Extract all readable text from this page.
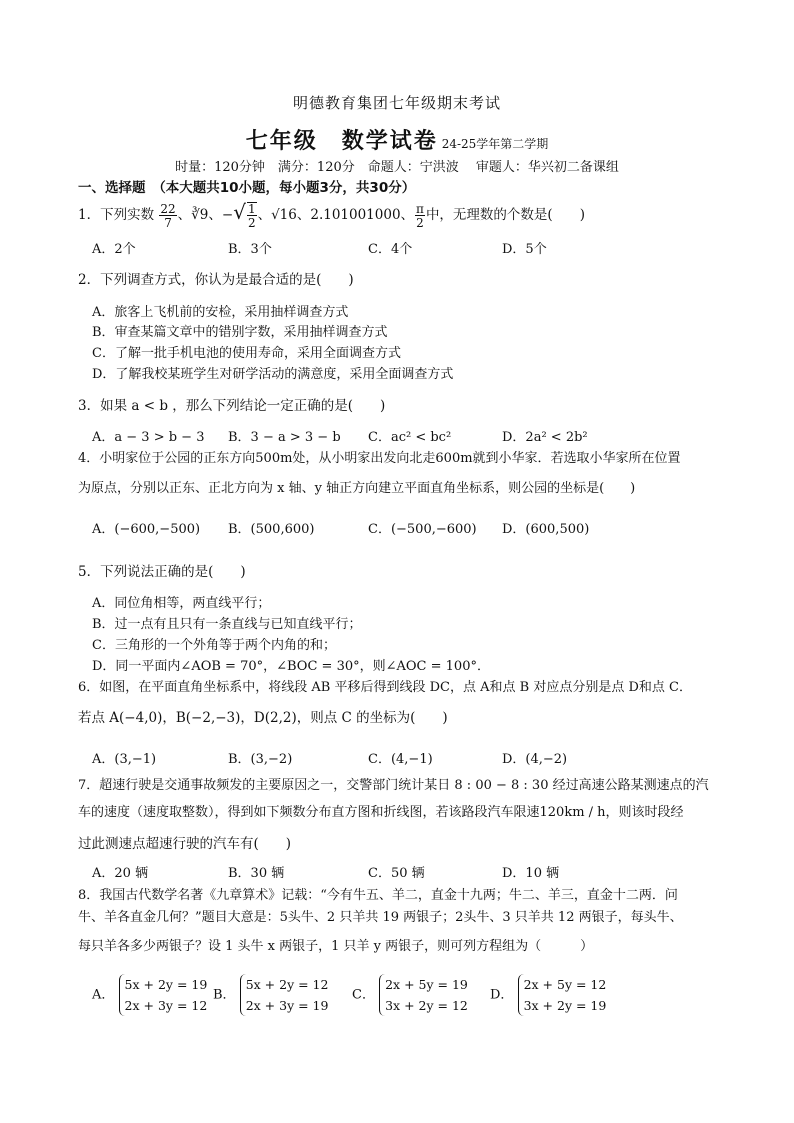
明德教育集团七年级期末考试
七年级　数学试卷 24-25学年第二学期
时量：120分钟　满分：120分　命题人：宁洪波　 审题人：华兴初二备课组
一、选择题　（本大题共10小题，每小题3分，共30分）
1．下列实数 $\frac{22}{7}$ 、∛9、−√ $\frac{1}{2}$ 、√16、2.101001000、 $\frac{\pi}{2}$ 中，无理数的个数是(　　)
A．2个	B．3个	C．4个	D．5个
2．下列调查方式，你认为是最合适的是(　　)
A．旅客上飞机前的安检，采用抽样调查方式
B．审查某篇文章中的错别字数，采用抽样调查方式
C．了解一批手机电池的使用寿命，采用全面调查方式
D．了解我校某班学生对研学活动的满意度，采用全面调查方式
3．如果 a < b ，那么下列结论一定正确的是(　　)
A．a − 3 > b − 3 B．3 − a > 3 − b C．ac² < bc²	D．2a² < 2b²
4．小明家位于公园的正东方向500m处，从小明家出发向北走600m就到小华家．若选取小华家所在位置
为原点，分别以正东、正北方向为 x 轴、y 轴正方向建立平面直角坐标系，则公园的坐标是(　　)
A．(−600,−500) B．(500,600)	C．(−500,−600) D．(600,500)
5．下列说法正确的是(　　)
A．同位角相等，两直线平行；
B．过一点有且只有一条直线与已知直线平行；
C．三角形的一个外角等于两个内角的和；
D．同一平面内∠AOB = 70°，∠BOC = 30°，则∠AOC = 100°．
6．如图，在平面直角坐标系中，将线段 AB 平移后得到线段 DC，点 A和点 B 对应点分别是点 D和点 C．
若点 A(−4,0)，B(−2,−3)，D(2,2)，则点 C 的坐标为(　　)
A．(3,−1)	B．(3,−2)	C．(4,−1)	D．(4,−2)
7．超速行驶是交通事故频发的主要原因之一，交警部门统计某日 8 : 00 − 8 : 30 经过高速公路某测速点的汽
车的速度（速度取整数），得到如下频数分布直方图和折线图，若该路段汽车限速120km / h，则该时段经
过此测速点超速行驶的汽车有(　　)
A．20 辆	B．30 辆	C．50 辆	D．10 辆
8．我国古代数学名著《九章算术》记载：“今有牛五、羊二，直金十九两；牛二、羊三，直金十二两．问
牛、羊各直金几何？”题目大意是：5头牛、2 只羊共 19 两银子；2头牛、3 只羊共 12 两银子，每头牛、
每只羊各多少两银子？设 1 头牛 x 两银子，1 只羊 y 两银子，则可列方程组为（　　　）
A． 5x + 2y = 19
2x + 3y = 12
B． 5x + 2y = 12
2x + 3y = 19
C． 2x + 5y = 19
3x + 2y = 12
D． 2x + 5y = 12
3x + 2y = 19
